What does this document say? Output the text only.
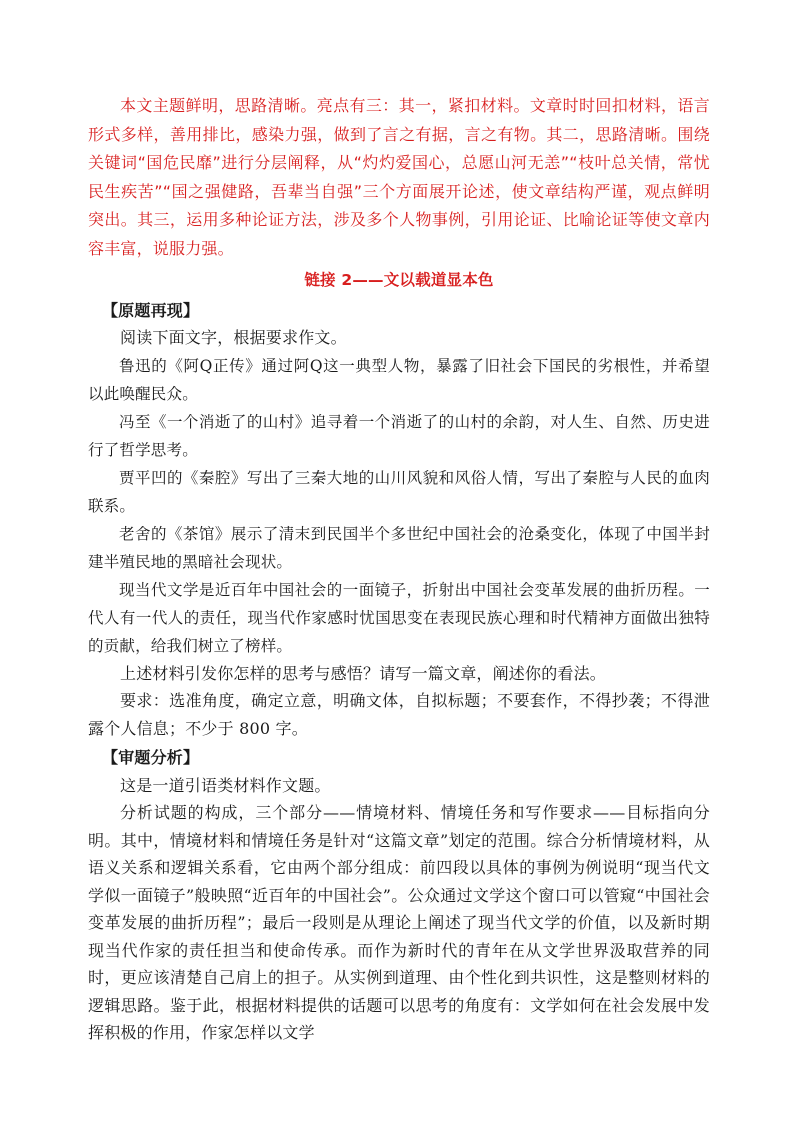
本文主题鲜明，思路清晰。亮点有三：其一，紧扣材料。文章时时回扣材料，语言形式多样，善用排比，感染力强，做到了言之有据，言之有物。其二，思路清晰。围绕关键词“国危民靡”进行分层阐释，从“灼灼爱国心，总愿山河无恙”“枝叶总关情，常忧民生疾苦”“国之强健路，吾辈当自强”三个方面展开论述，使文章结构严谨，观点鲜明突出。其三，运用多种论证方法，涉及多个人物事例，引用论证、比喻论证等使文章内容丰富，说服力强。

链接 2——文以载道显本色

【原题再现】

阅读下面文字，根据要求作文。

鲁迅的《阿Q正传》通过阿Q这一典型人物，暴露了旧社会下国民的劣根性，并希望以此唤醒民众。

冯至《一个消逝了的山村》追寻着一个消逝了的山村的余韵，对人生、自然、历史进行了哲学思考。

贾平凹的《秦腔》写出了三秦大地的山川风貌和风俗人情，写出了秦腔与人民的血肉联系。

老舍的《茶馆》展示了清末到民国半个多世纪中国社会的沧桑变化，体现了中国半封建半殖民地的黑暗社会现状。

现当代文学是近百年中国社会的一面镜子，折射出中国社会变革发展的曲折历程。一代人有一代人的责任，现当代作家感时忧国思变在表现民族心理和时代精神方面做出独特的贡献，给我们树立了榜样。

上述材料引发你怎样的思考与感悟？请写一篇文章，阐述你的看法。

要求：选准角度，确定立意，明确文体，自拟标题；不要套作，不得抄袭；不得泄露个人信息；不少于 800 字。

【审题分析】

这是一道引语类材料作文题。

分析试题的构成，三个部分——情境材料、情境任务和写作要求——目标指向分明。其中，情境材料和情境任务是针对“这篇文章”划定的范围。综合分析情境材料，从语义关系和逻辑关系看，它由两个部分组成：前四段以具体的事例为例说明“现当代文学似一面镜子”般映照“近百年的中国社会”。公众通过文学这个窗口可以管窥“中国社会变革发展的曲折历程”；最后一段则是从理论上阐述了现当代文学的价值，以及新时期现当代作家的责任担当和使命传承。而作为新时代的青年在从文学世界汲取营养的同时，更应该清楚自己肩上的担子。从实例到道理、由个性化到共识性，这是整则材料的逻辑思路。鉴于此，根据材料提供的话题可以思考的角度有：文学如何在社会发展中发挥积极的作用，作家怎样以文学
